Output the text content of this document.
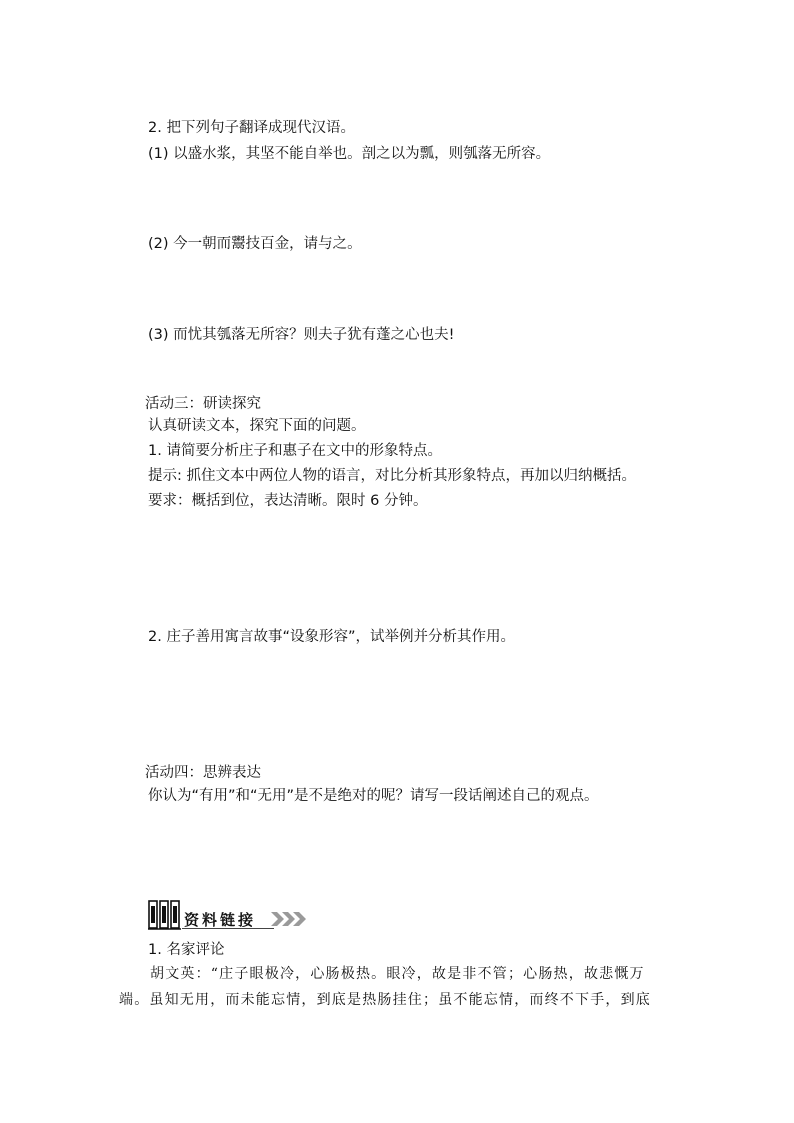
2. 把下列句子翻译成现代汉语。
(1) 以盛水浆，其坚不能自举也。剖之以为瓢，则瓠落无所容。
(2) 今一朝而鬻技百金，请与之。
(3) 而忧其瓠落无所容？则夫子犹有蓬之心也夫!
活动三：研读探究
认真研读文本，探究下面的问题。
1. 请简要分析庄子和惠子在文中的形象特点。
提示: 抓住文本中两位人物的语言，对比分析其形象特点，再加以归纳概括。
要求：概括到位，表达清晰。限时 6 分钟。
2. 庄子善用寓言故事“设象形容”，试举例并分析其作用。
活动四：思辨表达
你认为“有用”和“无用”是不是绝对的呢？请写一段话阐述自己的观点。
资料链接
1. 名家评论
胡文英：“庄子眼极冷，心肠极热。眼冷，故是非不管；心肠热，故悲慨万
端。虽知无用，而未能忘情，到底是热肠挂住；虽不能忘情，而终不下手，到底
